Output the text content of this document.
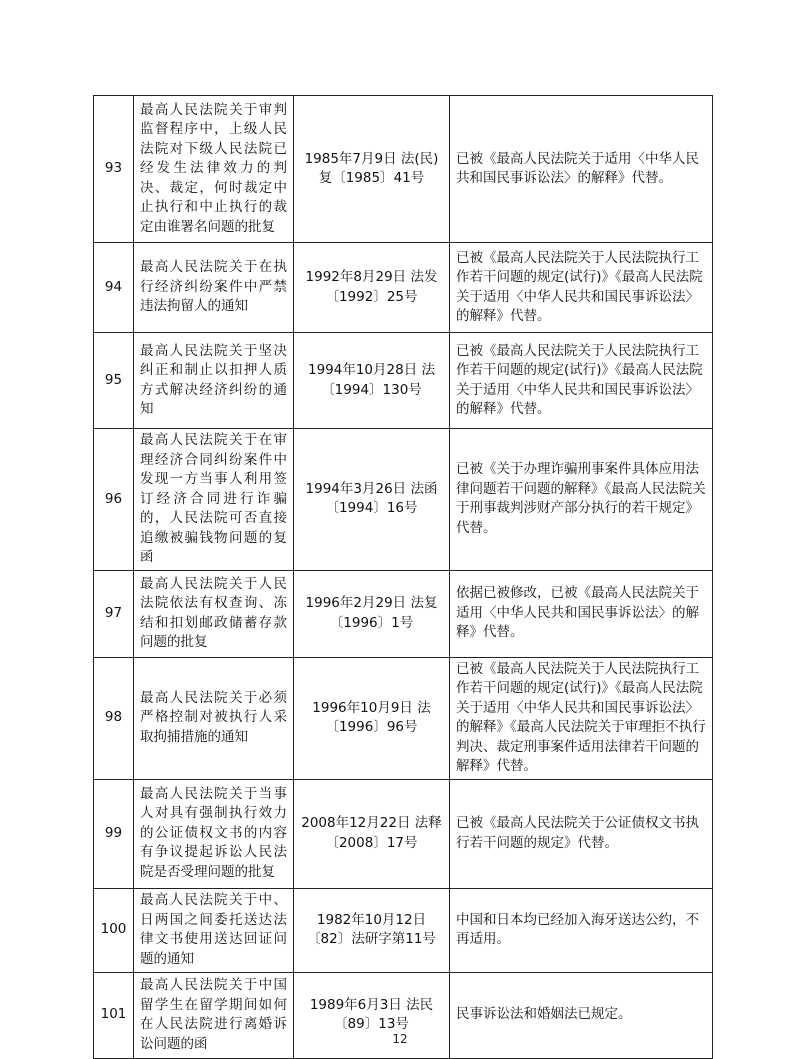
93	最高人民法院关于审判监督程序中，上级人民法院对下级人民法院已经发生法律效力的判决、裁定，何时裁定中止执行和中止执行的裁定由谁署名问题的批复	1985年7月9日 法(民)复〔1985〕41号	已被《最高人民法院关于适用〈中华人民共和国民事诉讼法〉的解释》代替。
94	最高人民法院关于在执行经济纠纷案件中严禁违法拘留人的通知	1992年8月29日 法发〔1992〕25号	已被《最高人民法院关于人民法院执行工作若干问题的规定(试行)》《最高人民法院关于适用〈中华人民共和国民事诉讼法〉的解释》代替。
95	最高人民法院关于坚决纠正和制止以扣押人质方式解决经济纠纷的通知	1994年10月28日 法〔1994〕130号	已被《最高人民法院关于人民法院执行工作若干问题的规定(试行)》《最高人民法院关于适用〈中华人民共和国民事诉讼法〉的解释》代替。
96	最高人民法院关于在审理经济合同纠纷案件中发现一方当事人利用签订经济合同进行诈骗的，人民法院可否直接追缴被骗钱物问题的复函	1994年3月26日 法函〔1994〕16号	已被《关于办理诈骗刑事案件具体应用法律问题若干问题的解释》《最高人民法院关于刑事裁判涉财产部分执行的若干规定》代替。
97	最高人民法院关于人民法院依法有权查询、冻结和扣划邮政储蓄存款问题的批复	1996年2月29日 法复〔1996〕1号	依据已被修改，已被《最高人民法院关于适用〈中华人民共和国民事诉讼法〉的解释》代替。
98	最高人民法院关于必须严格控制对被执行人采取拘捕措施的通知	1996年10月9日 法〔1996〕96号	已被《最高人民法院关于人民法院执行工作若干问题的规定(试行)》《最高人民法院关于适用〈中华人民共和国民事诉讼法〉的解释》《最高人民法院关于审理拒不执行判决、裁定刑事案件适用法律若干问题的解释》代替。
99	最高人民法院关于当事人对具有强制执行效力的公证债权文书的内容有争议提起诉讼人民法院是否受理问题的批复	2008年12月22日 法释〔2008〕17号	已被《最高人民法院关于公证债权文书执行若干问题的规定》代替。
100	最高人民法院关于中、日两国之间委托送达法律文书使用送达回证问题的通知	1982年10月12日 〔82〕法研字第11号	中国和日本均已经加入海牙送达公约，不再适用。
101	最高人民法院关于中国留学生在留学期间如何在人民法院进行离婚诉讼问题的函	1989年6月3日 法民〔89〕13号	民事诉讼法和婚姻法已规定。
12
